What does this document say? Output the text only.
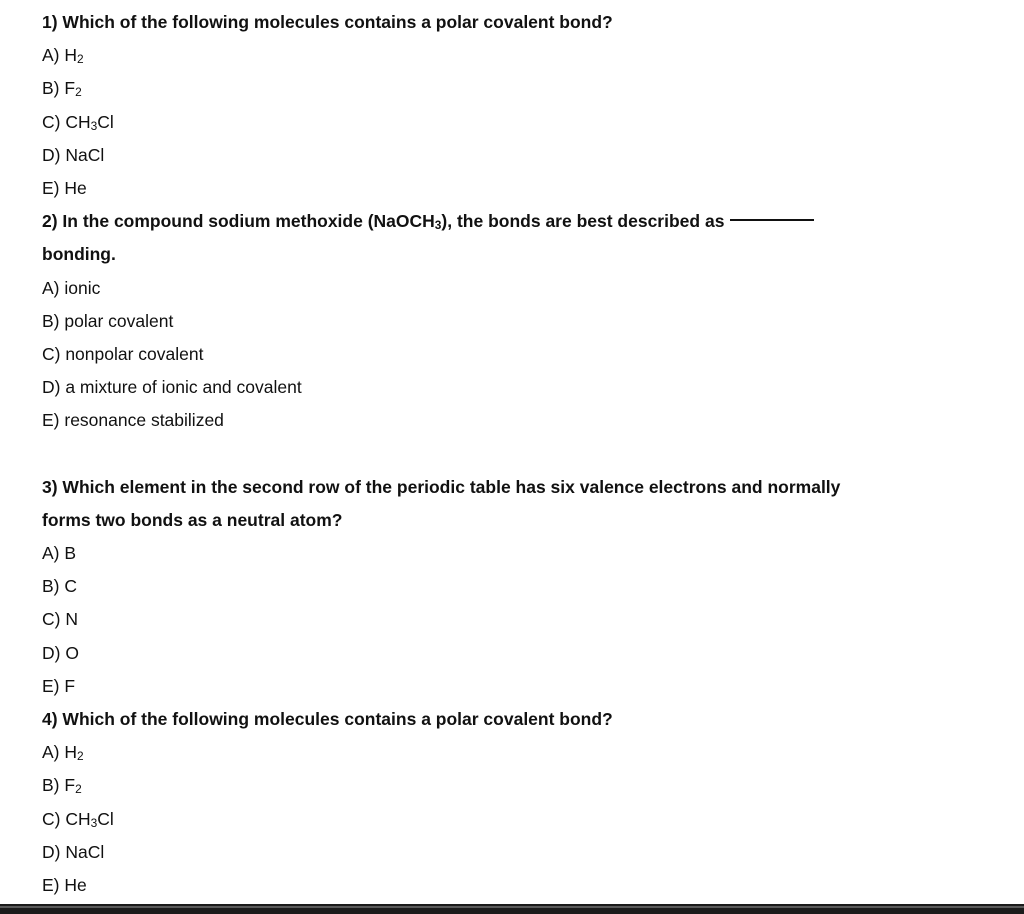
1) Which of the following molecules contains a polar covalent bond?
A) $H_2$
B) $F_2$
C) $CH_3Cl$
D) NaCl
E) He
2) In the compound sodium methoxide (NaOCH$_3$), the bonds are best described as
bonding.
A) ionic
B) polar covalent
C) nonpolar covalent
D) a mixture of ionic and covalent
E) resonance stabilized
3) Which element in the second row of the periodic table has six valence electrons and normally
forms two bonds as a neutral atom?
A) B
B) C
C) N
D) O
E) F
4) Which of the following molecules contains a polar covalent bond?
A) $H_2$
B) $F_2$
C) $CH_3Cl$
D) NaCl
E) He
